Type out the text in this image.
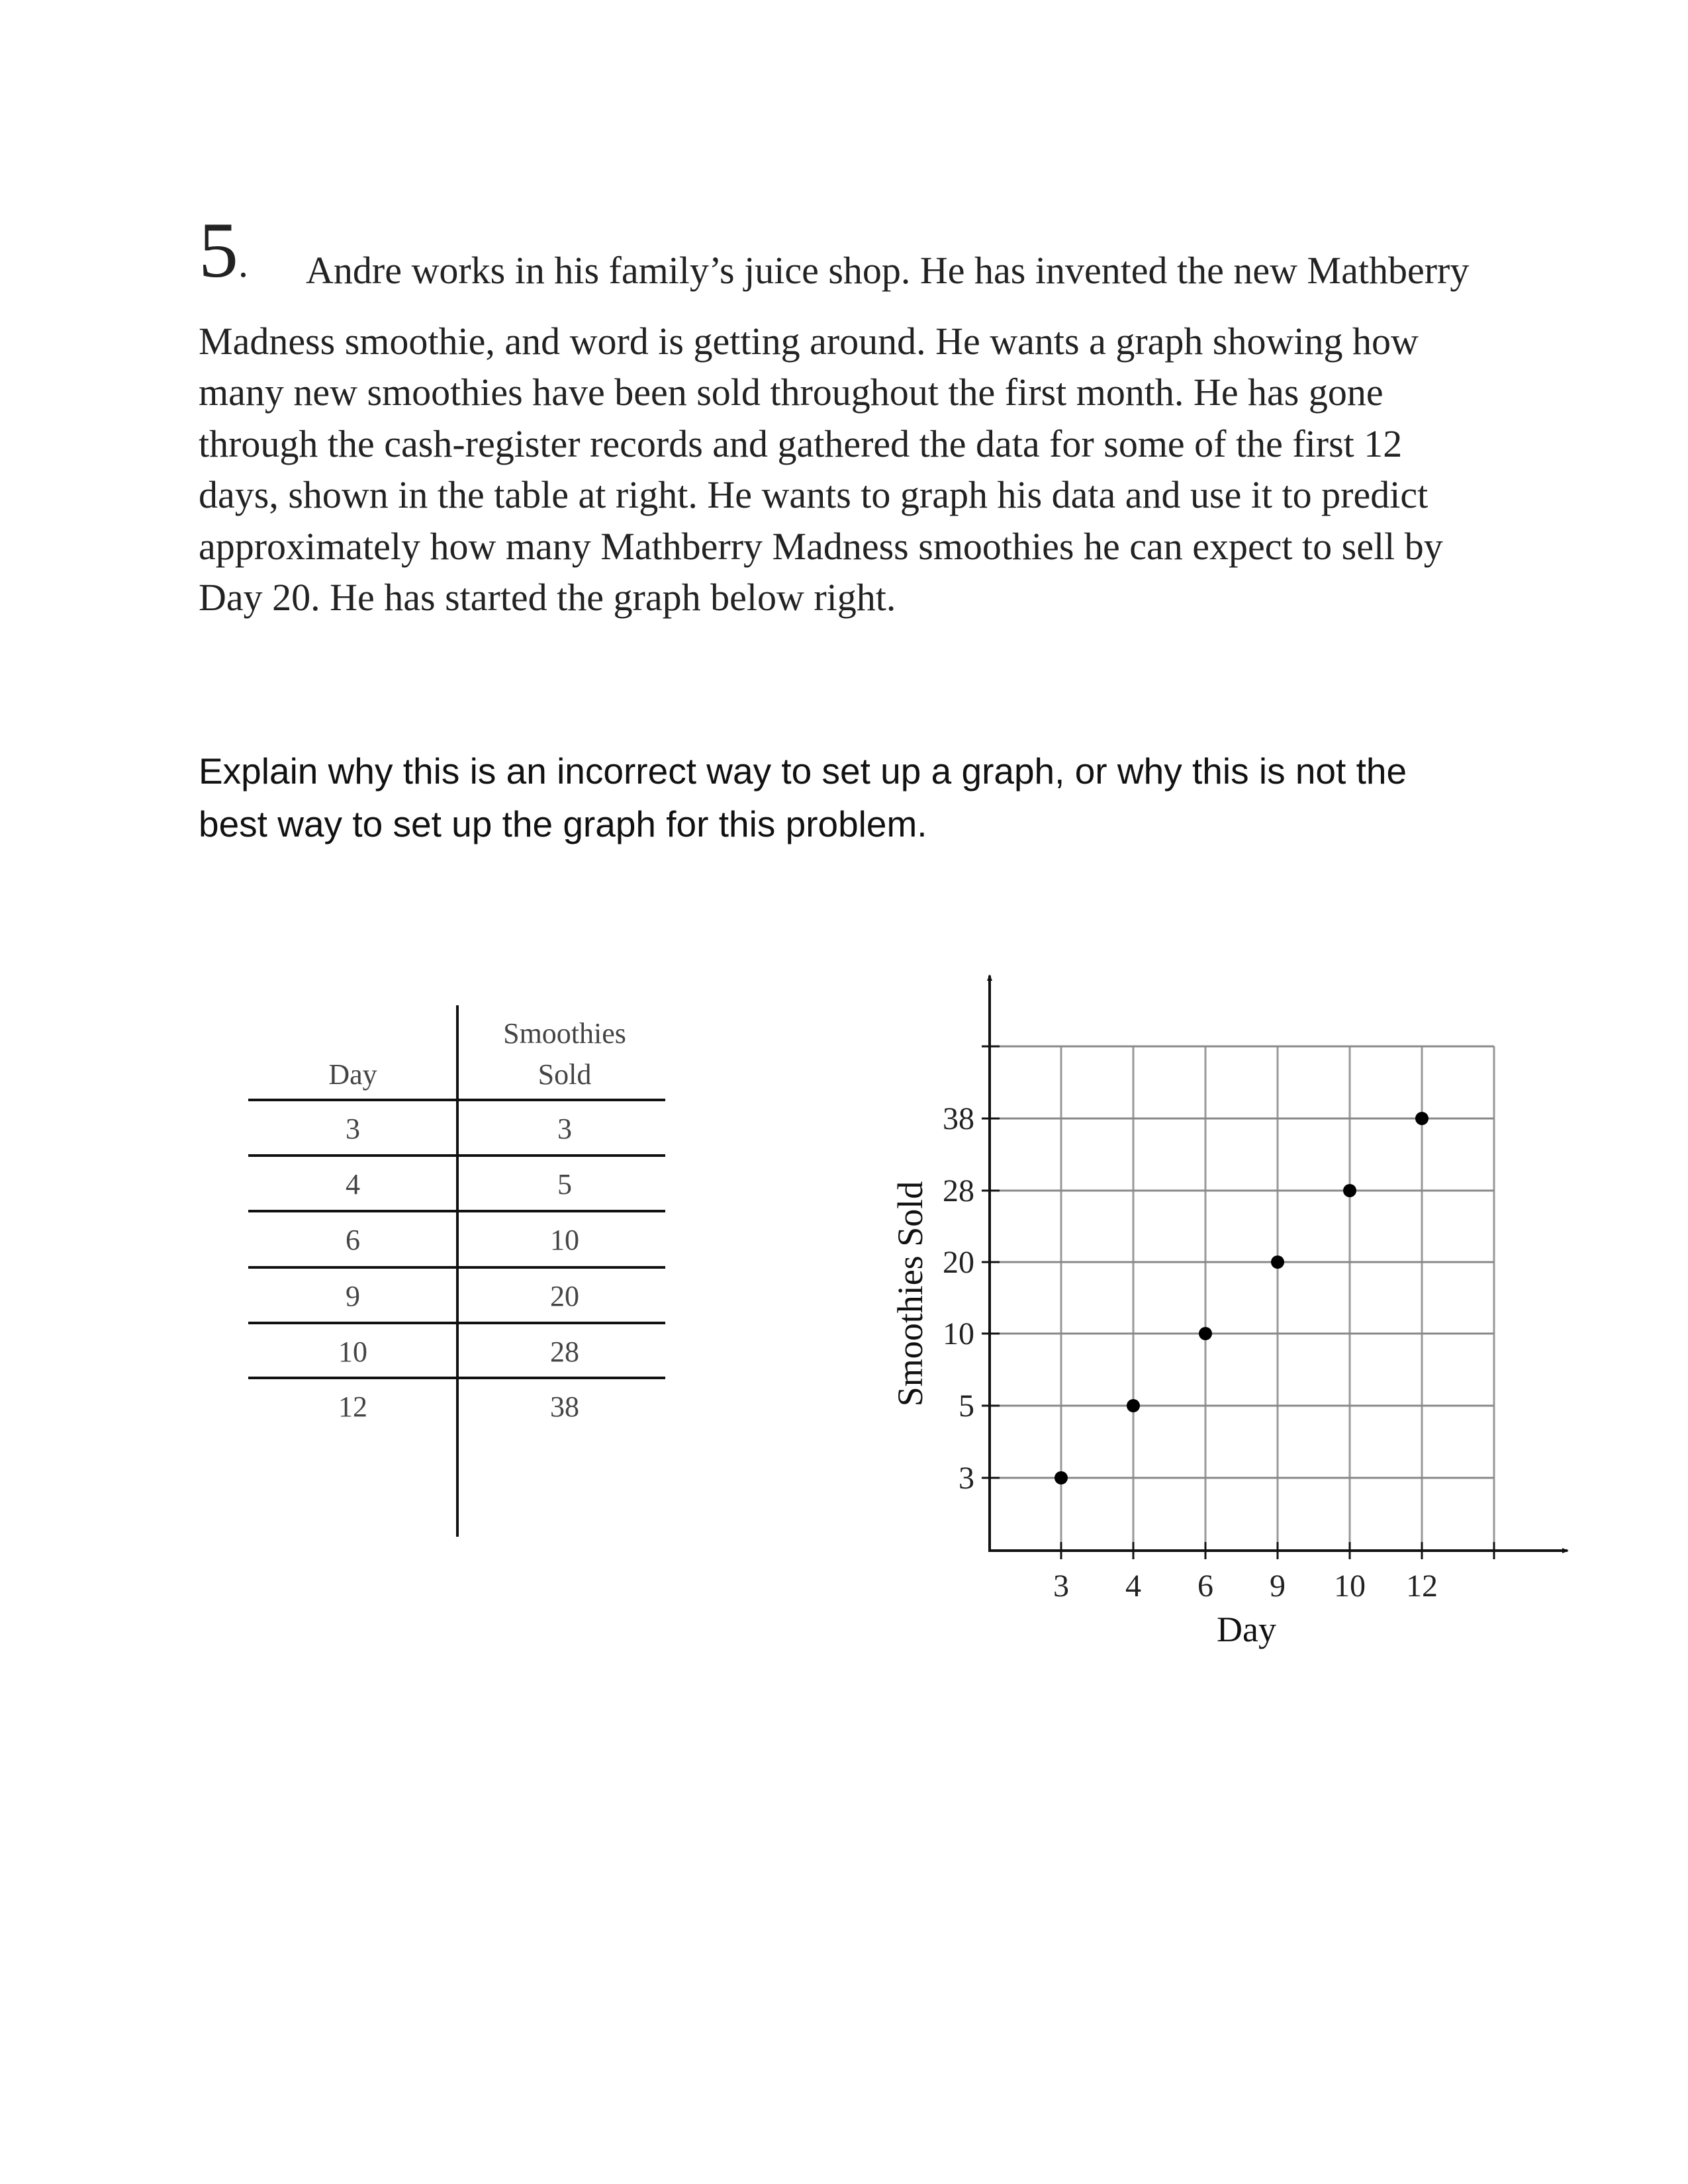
5. Andre works in his family’s juice shop. He has invented the new Mathberry
Madness smoothie, and word is getting around. He wants a graph showing how
many new smoothies have been sold throughout the first month. He has gone
through the cash-register records and gathered the data for some of the first 12
days, shown in the table at right. He wants to graph his data and use it to predict
approximately how many Mathberry Madness smoothies he can expect to sell by
Day 20. He has started the graph below right.
Explain why this is an incorrect way to set up a graph, or why this is not the
best way to set up the graph for this problem.
Smoothies
Day	Sold
3	3
4	5
6	10
9	20
10	28
12	38
38
28
20
10
5
3
3 4 6 9 10 12
Day
Smoothies Sold
